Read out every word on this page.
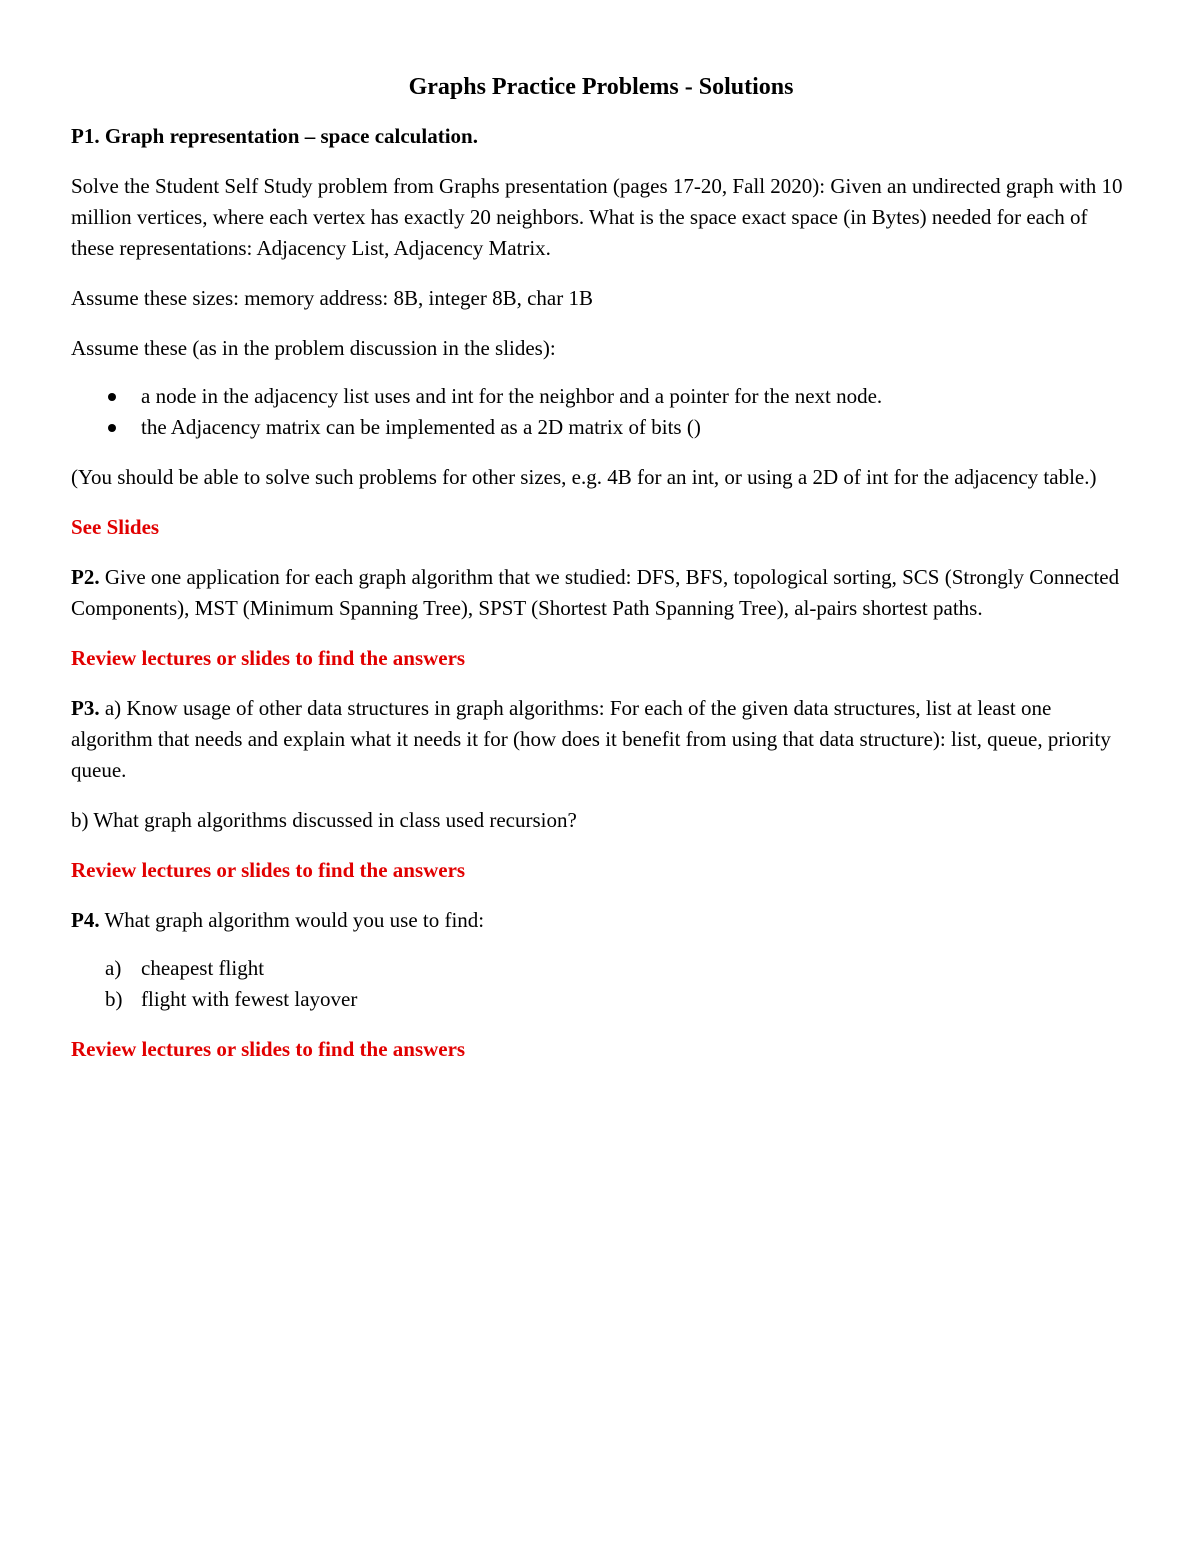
Graphs Practice Problems - Solutions

P1. Graph representation – space calculation.

Solve the Student Self Study problem from Graphs presentation (pages 17-20, Fall 2020): Given an undirected graph with 10 million vertices, where each vertex has exactly 20 neighbors. What is the space exact space (in Bytes) needed for each of these representations: Adjacency List, Adjacency Matrix.

Assume these sizes: memory address: 8B, integer 8B, char 1B

Assume these (as in the problem discussion in the slides):

a node in the adjacency list uses and int for the neighbor and a pointer for the next node.
the Adjacency matrix can be implemented as a 2D matrix of bits ()

(You should be able to solve such problems for other sizes, e.g. 4B for an int, or using a 2D of int for the adjacency table.)

See Slides

P2. Give one application for each graph algorithm that we studied: DFS, BFS, topological sorting, SCS (Strongly Connected Components), MST (Minimum Spanning Tree), SPST (Shortest Path Spanning Tree), al-pairs shortest paths.

Review lectures or slides to find the answers

P3. a) Know usage of other data structures in graph algorithms: For each of the given data structures, list at least one algorithm that needs and explain what it needs it for (how does it benefit from using that data structure): list, queue, priority queue.

b) What graph algorithms discussed in class used recursion?

Review lectures or slides to find the answers

P4. What graph algorithm would you use to find:

a) cheapest flight
b) flight with fewest layover

Review lectures or slides to find the answers
